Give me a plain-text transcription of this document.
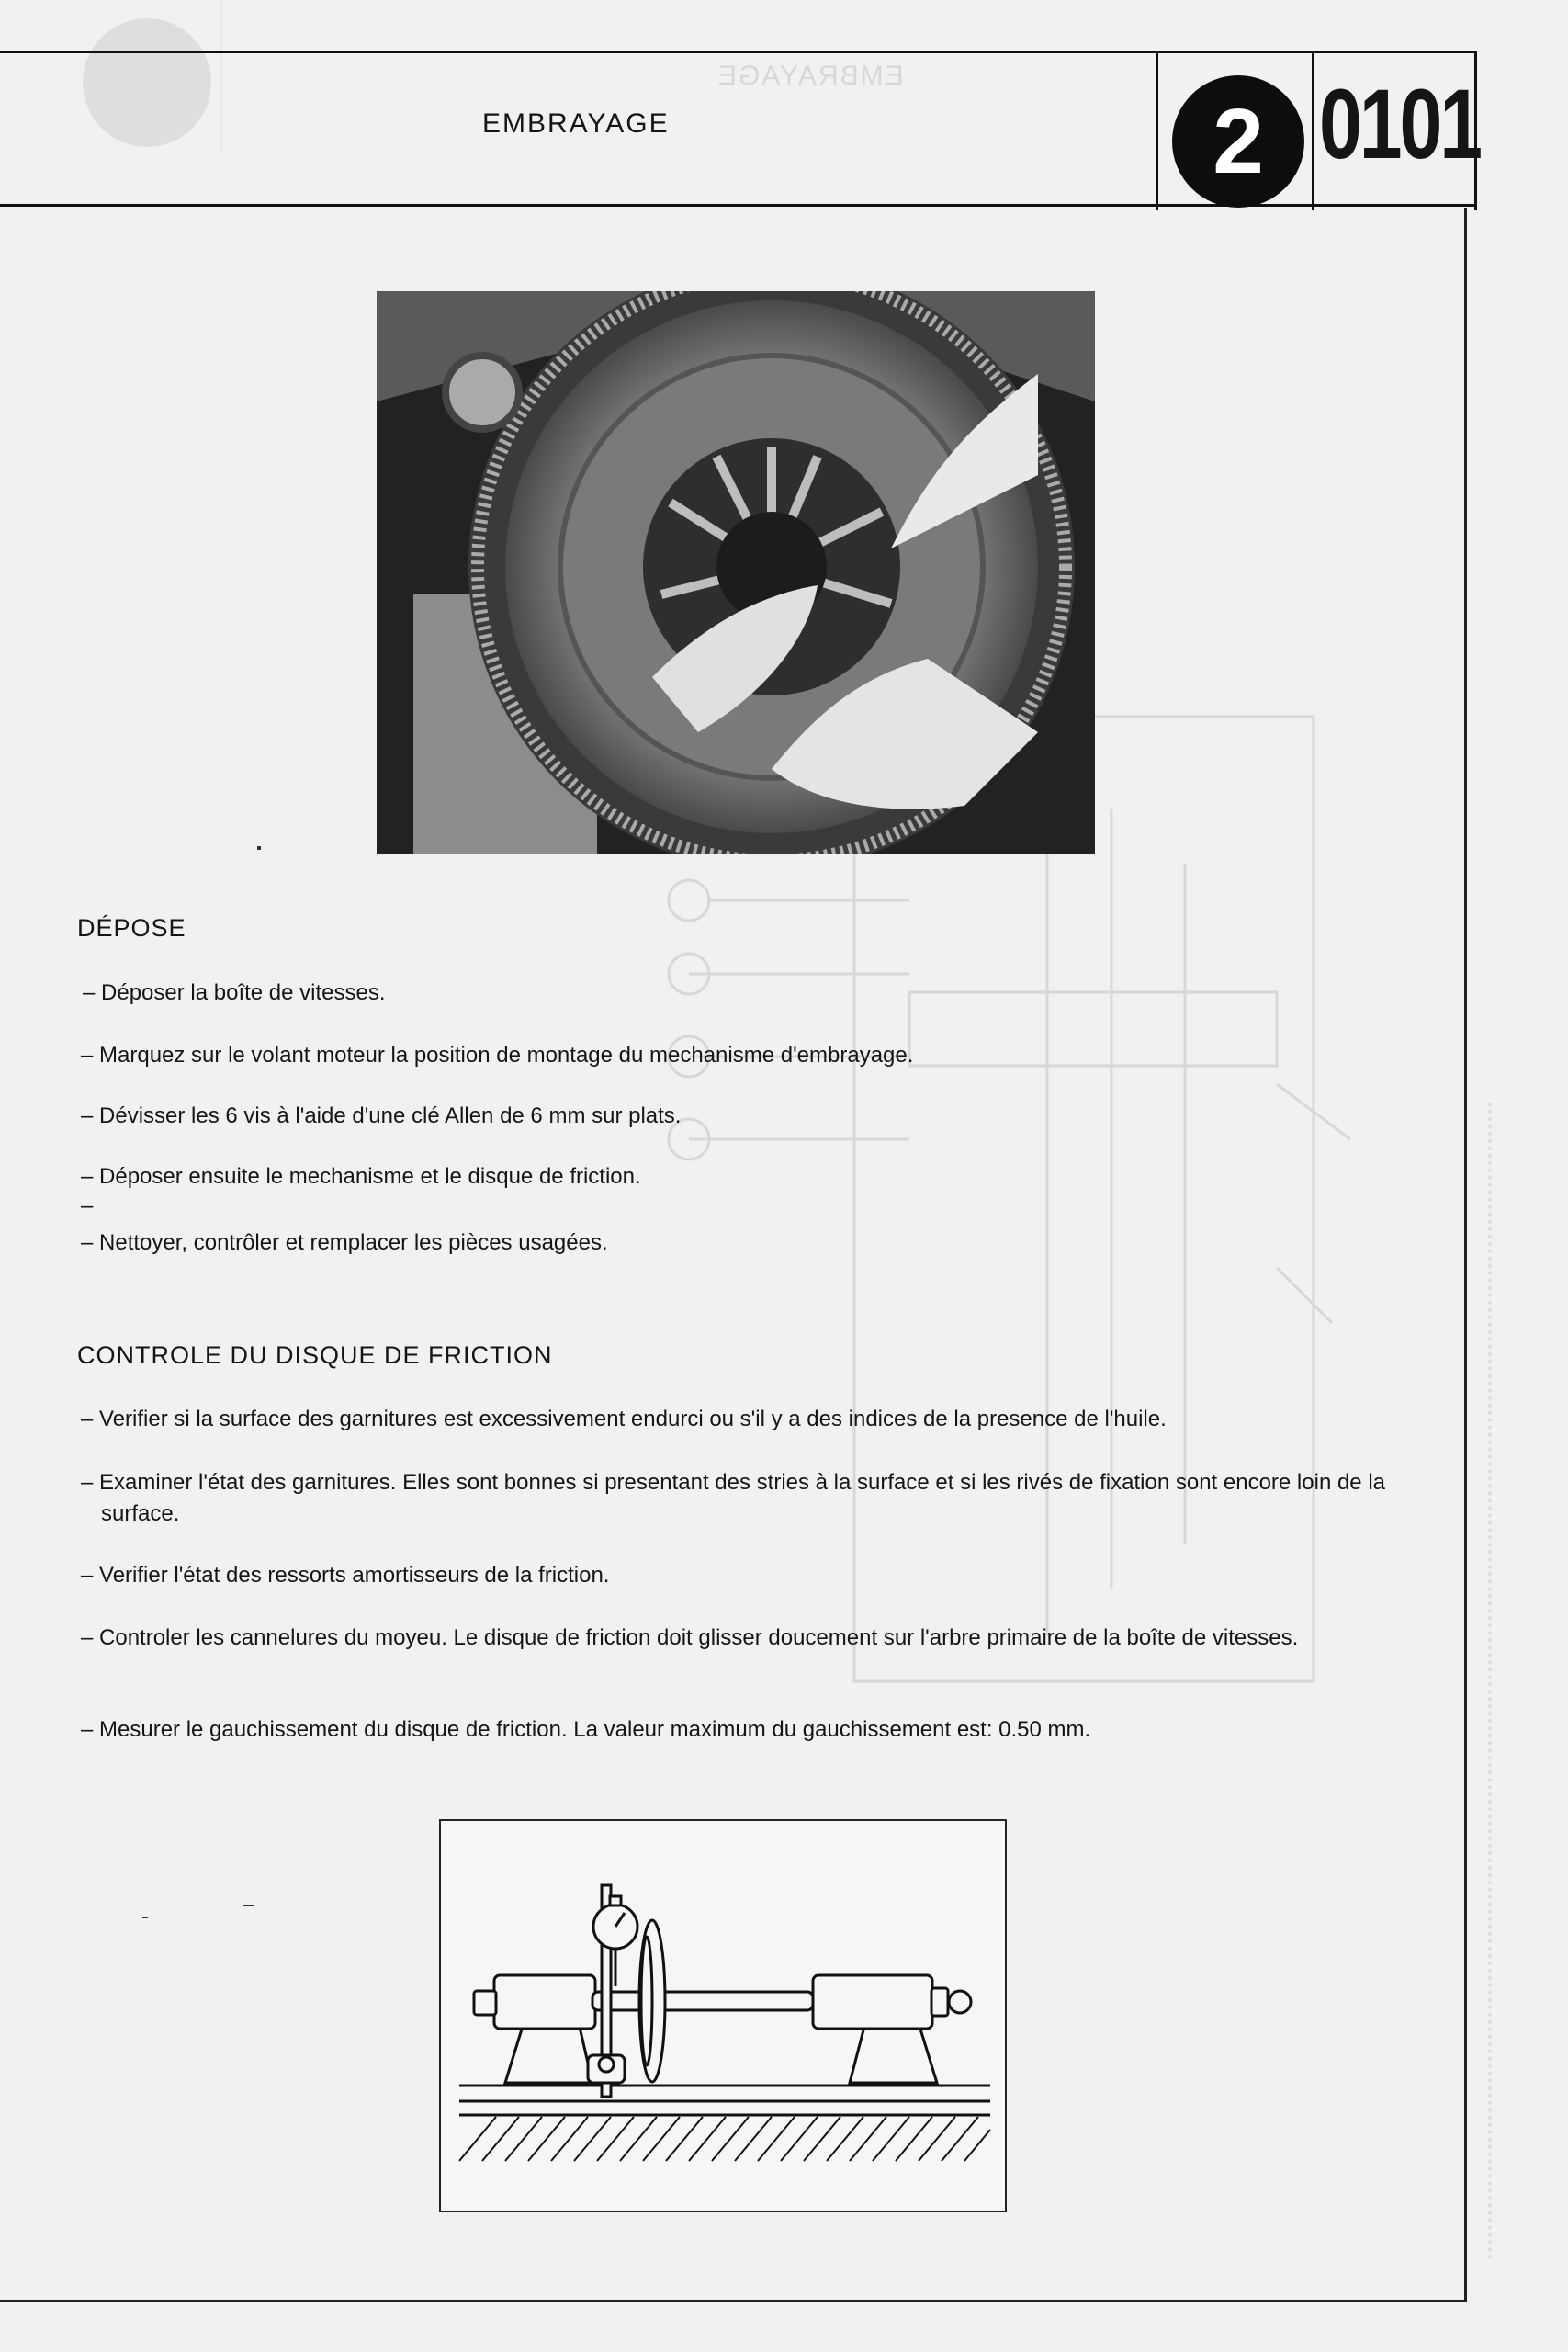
EMBRAYAGE
EMBRAYAGE	2 0101
DÉPOSE
– Déposer la boîte de vitesses.
– Marquez sur le volant moteur la position de montage du mechanisme d'embrayage.
– Dévisser les 6 vis à l'aide d'une clé Allen de 6 mm sur plats.
– Déposer ensuite le mechanisme et le disque de friction.
–
– Nettoyer, contrôler et remplacer les pièces usagées.
CONTROLE DU DISQUE DE FRICTION
– Verifier si la surface des garnitures est excessivement endurci ou s'il y a des indices de la presence de l'huile.
– Examiner l'état des garnitures. Elles sont bonnes si presentant des stries à la surface et si les rivés de fixation sont encore loin de la surface.
– Verifier l'état des ressorts amortisseurs de la friction.
– Controler les cannelures du moyeu. Le disque de friction doit glisser doucement sur l'arbre primaire de la boîte de vitesses.
– Mesurer le gauchissement du disque de friction. La valeur maximum du gauchissement est: 0.50 mm.
